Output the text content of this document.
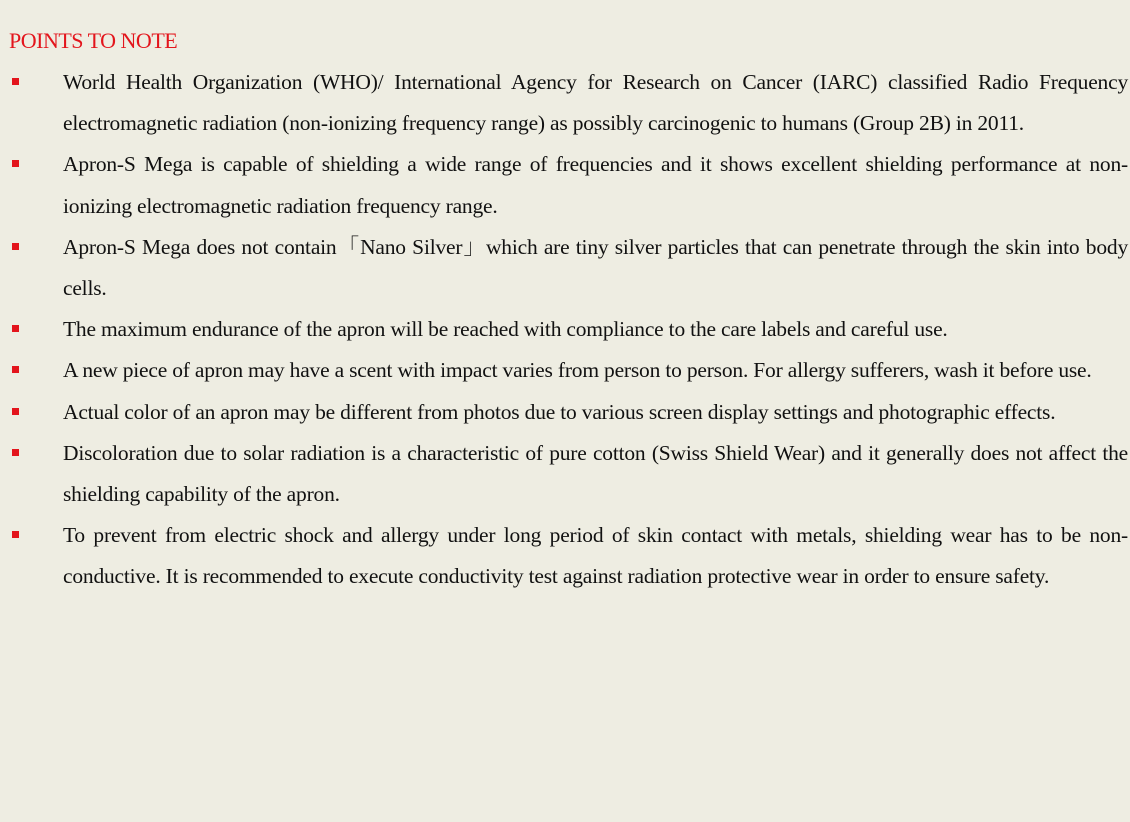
POINTS TO NOTE
World Health Organization (WHO)/ International Agency for Research on Cancer (IARC) classified Radio Frequency electromagnetic radiation (non-ionizing frequency range) as possibly carcinogenic to humans (Group 2B) in 2011.
Apron-S Mega is capable of shielding a wide range of frequencies and it shows excellent shielding performance at non-ionizing electromagnetic radiation frequency range.
Apron-S Mega does not contain「Nano Silver」which are tiny silver particles that can penetrate through the skin into body cells.
The maximum endurance of the apron will be reached with compliance to the care labels and careful use.
A new piece of apron may have a scent with impact varies from person to person. For allergy sufferers, wash it before use.
Actual color of an apron may be different from photos due to various screen display settings and photographic effects.
Discoloration due to solar radiation is a characteristic of pure cotton (Swiss Shield Wear) and it generally does not affect the shielding capability of the apron.
To prevent from electric shock and allergy under long period of skin contact with metals, shielding wear has to be non-conductive. It is recommended to execute conductivity test against radiation protective wear in order to ensure safety.
